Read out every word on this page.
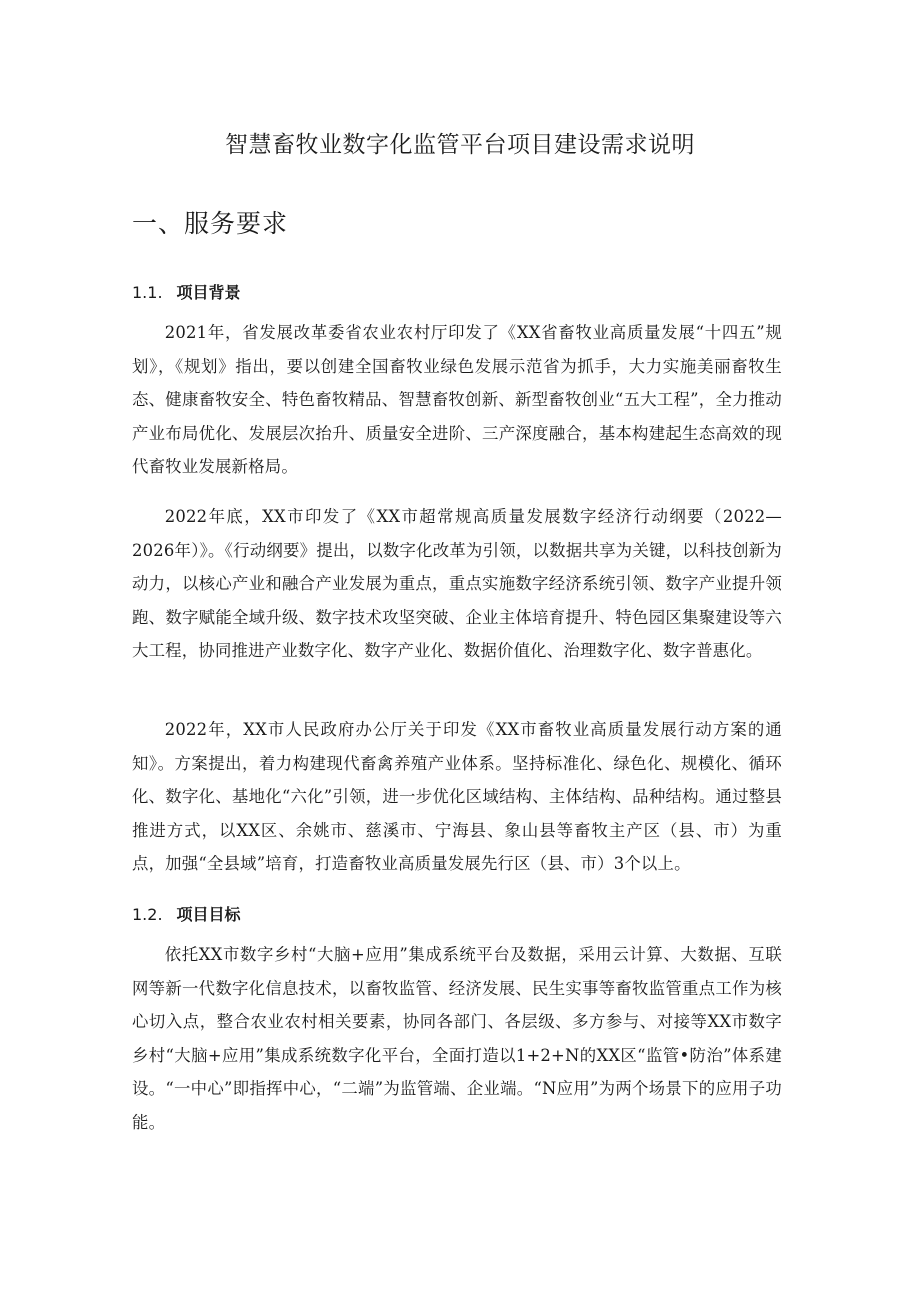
智慧畜牧业数字化监管平台项目建设需求说明
一、服务要求
1.1. 项目背景

2021年，省发展改革委省农业农村厅印发了《XX省畜牧业高质量发展“十四五”规划》，《规划》指出，要以创建全国畜牧业绿色发展示范省为抓手，大力实施美丽畜牧生态、健康畜牧安全、特色畜牧精品、智慧畜牧创新、新型畜牧创业“五大工程”，全力推动产业布局优化、发展层次抬升、质量安全进阶、三产深度融合，基本构建起生态高效的现代畜牧业发展新格局。

2022年底，XX市印发了《XX市超常规高质量发展数字经济行动纲要（2022—2026年）》。《行动纲要》提出，以数字化改革为引领，以数据共享为关键，以科技创新为动力，以核心产业和融合产业发展为重点，重点实施数字经济系统引领、数字产业提升领跑、数字赋能全域升级、数字技术攻坚突破、企业主体培育提升、特色园区集聚建设等六大工程，协同推进产业数字化、数字产业化、数据价值化、治理数字化、数字普惠化。

2022年，XX市人民政府办公厅关于印发《XX市畜牧业高质量发展行动方案的通知》。方案提出，着力构建现代畜禽养殖产业体系。坚持标准化、绿色化、规模化、循环化、数字化、基地化“六化”引领，进一步优化区域结构、主体结构、品种结构。通过整县推进方式，以XX区、余姚市、慈溪市、宁海县、象山县等畜牧主产区（县、市）为重点，加强“全县域”培育，打造畜牧业高质量发展先行区（县、市）3个以上。

1.2. 项目目标

依托XX市数字乡村“大脑+应用”集成系统平台及数据，采用云计算、大数据、互联网等新一代数字化信息技术，以畜牧监管、经济发展、民生实事等畜牧监管重点工作为核心切入点，整合农业农村相关要素，协同各部门、各层级、多方参与、对接等XX市数字乡村“大脑+应用”集成系统数字化平台，全面打造以1+2+N的XX区“监管•防治”体系建设。“一中心”即指挥中心，“二端”为监管端、企业端。“N应用”为两个场景下的应用子功能。
